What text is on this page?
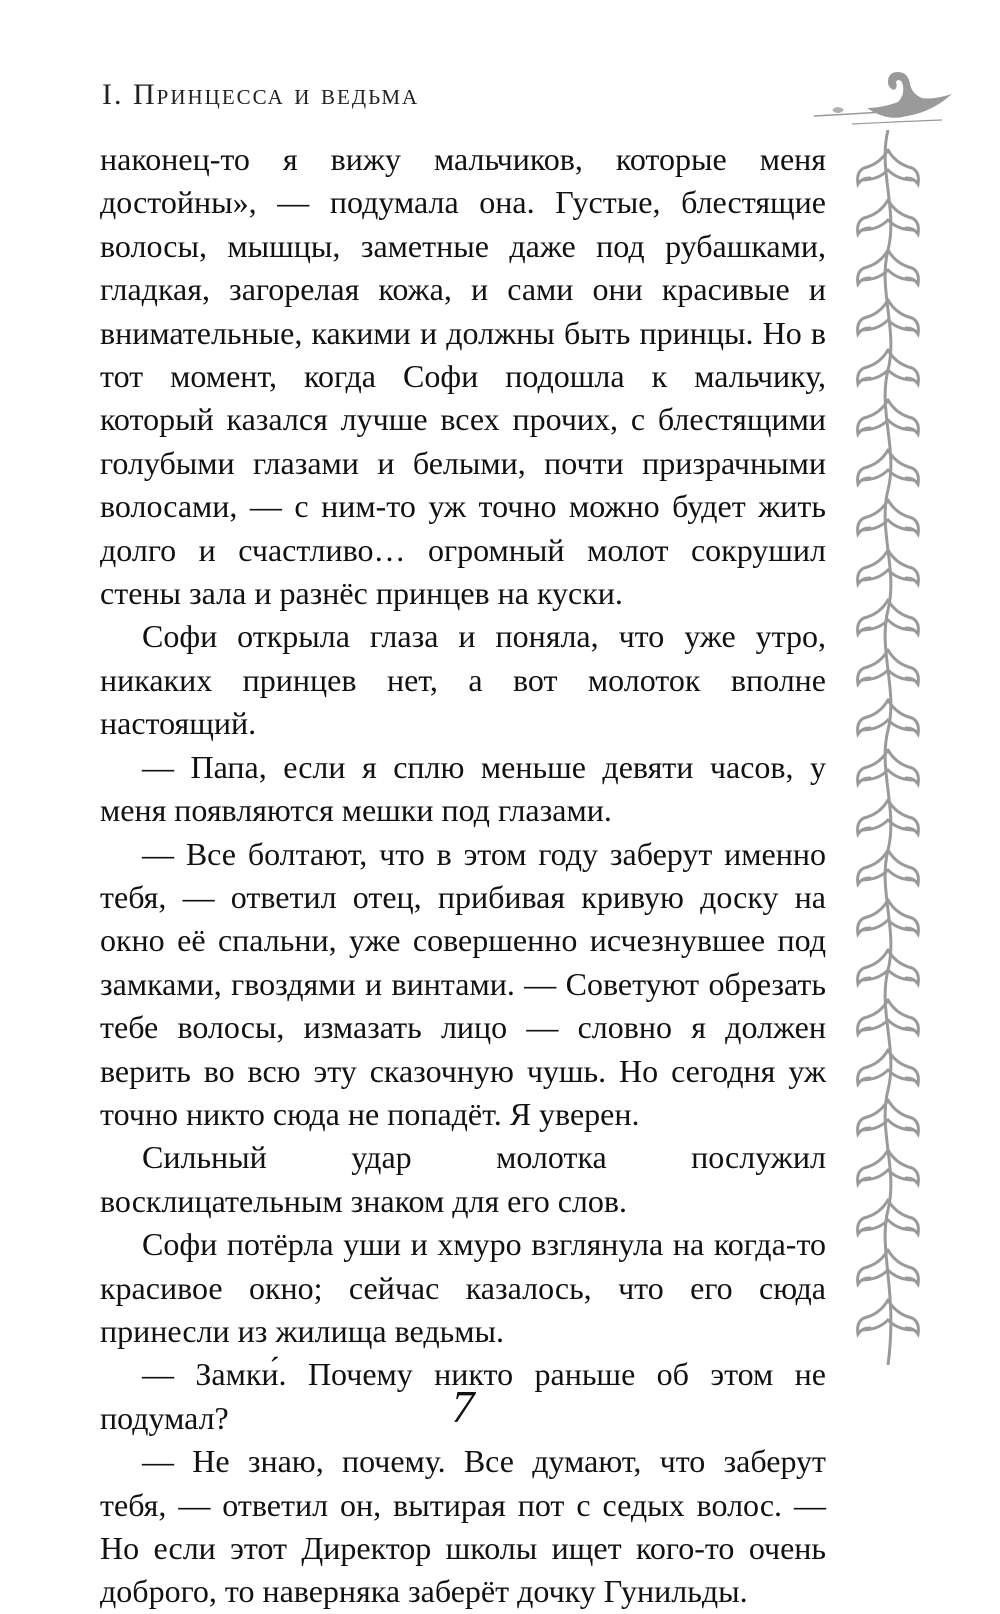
I. Принцесса и ведьма

наконец-то я вижу мальчиков, которые меня достойны», — подумала она. Густые, блестящие волосы, мышцы, заметные даже под рубашками, гладкая, загорелая кожа, и сами они красивые и внимательные, какими и должны быть принцы. Но в тот момент, когда Софи подошла к мальчику, который казался лучше всех прочих, с блестящими голубыми глазами и белыми, почти призрачными волосами, — с ним-то уж точно можно будет жить долго и счастливо… огромный молот сокрушил стены зала и разнёс принцев на куски.

Софи открыла глаза и поняла, что уже утро, никаких принцев нет, а вот молоток вполне настоящий.

— Папа, если я сплю меньше девяти часов, у меня появляются мешки под глазами.

— Все болтают, что в этом году заберут именно тебя, — ответил отец, прибивая кривую доску на окно её спальни, уже совершенно исчезнувшее под замками, гвоздями и винтами. — Советуют обрезать тебе волосы, измазать лицо — словно я должен верить во всю эту сказочную чушь. Но сегодня уж точно никто сюда не попадёт. Я уверен.

Сильный удар молотка послужил восклицательным знаком для его слов.

Софи потёрла уши и хмуро взглянула на когда-то красивое окно; сейчас казалось, что его сюда принесли из жилища ведьмы.

— Замки́. Почему никто раньше об этом не подумал?

— Не знаю, почему. Все думают, что заберут тебя, — ответил он, вытирая пот с седых волос. — Но если этот Директор школы ищет кого-то очень доброго, то наверняка заберёт дочку Гунильды.

7
